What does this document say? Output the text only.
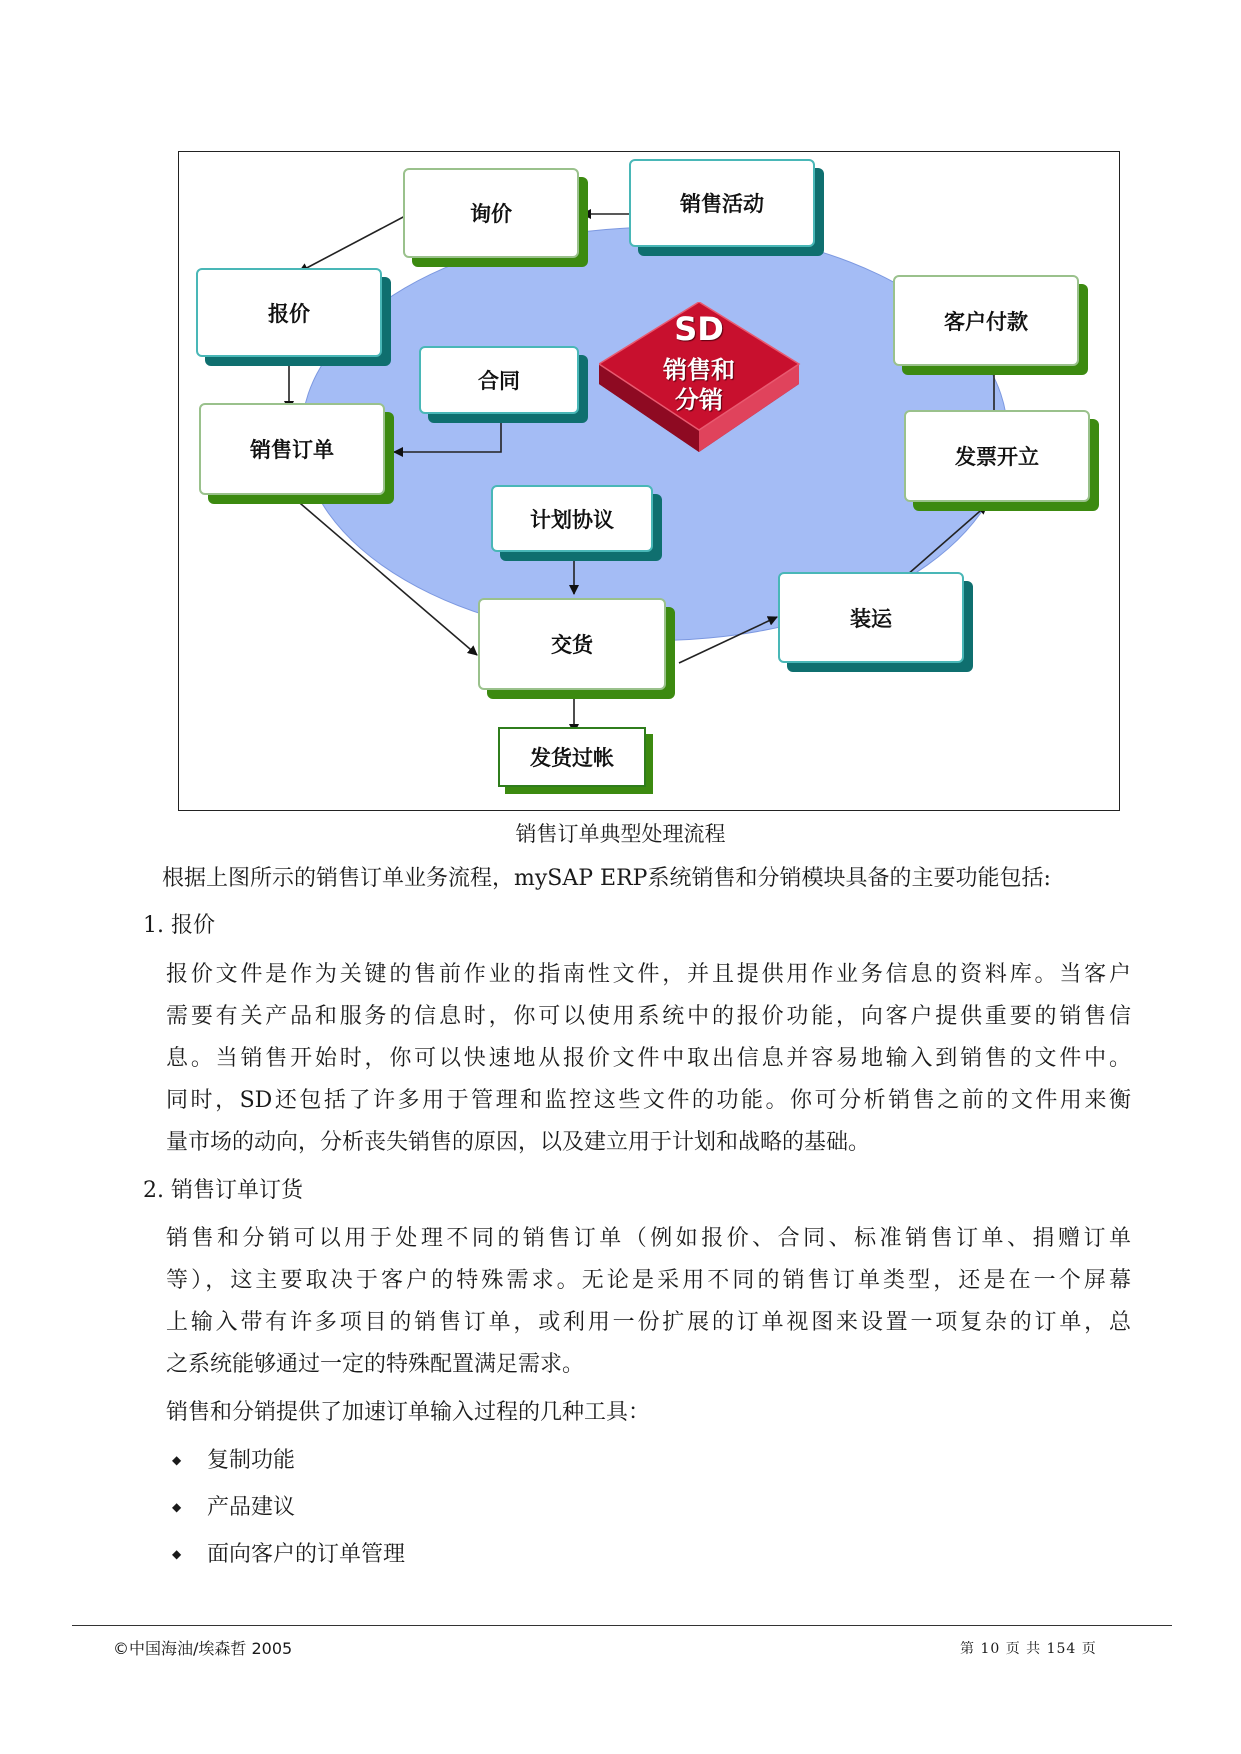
询价	销售活动
报价
合同
销售订单
计划协议
交货
发货过帐
装运
发票开立
客户付款
SD
销售和
分销
销售订单典型处理流程

根据上图所示的销售订单业务流程，mySAP ERP系统销售和分销模块具备的主要功能包括:

1. 报价

报价文件是作为关键的售前作业的指南性文件，并且提供用作业务信息的资料库。当客户

需要有关产品和服务的信息时，你可以使用系统中的报价功能，向客户提供重要的销售信

息。当销售开始时，你可以快速地从报价文件中取出信息并容易地输入到销售的文件中。

同时，SD还包括了许多用于管理和监控这些文件的功能。你可分析销售之前的文件用来衡

量市场的动向，分析丧失销售的原因，以及建立用于计划和战略的基础。

2. 销售订单订货

销售和分销可以用于处理不同的销售订单（例如报价、合同、标准销售订单、捐赠订单

等），这主要取决于客户的特殊需求。无论是采用不同的销售订单类型，还是在一个屏幕

上输入带有许多项目的销售订单，或利用一份扩展的订单视图来设置一项复杂的订单，总

之系统能够通过一定的特殊配置满足需求。

销售和分销提供了加速订单输入过程的几种工具：

◆ 复制功能

◆ 产品建议

◆ 面向客户的订单管理

©中国海油/埃森哲 2005	第 10 页 共 154 页
